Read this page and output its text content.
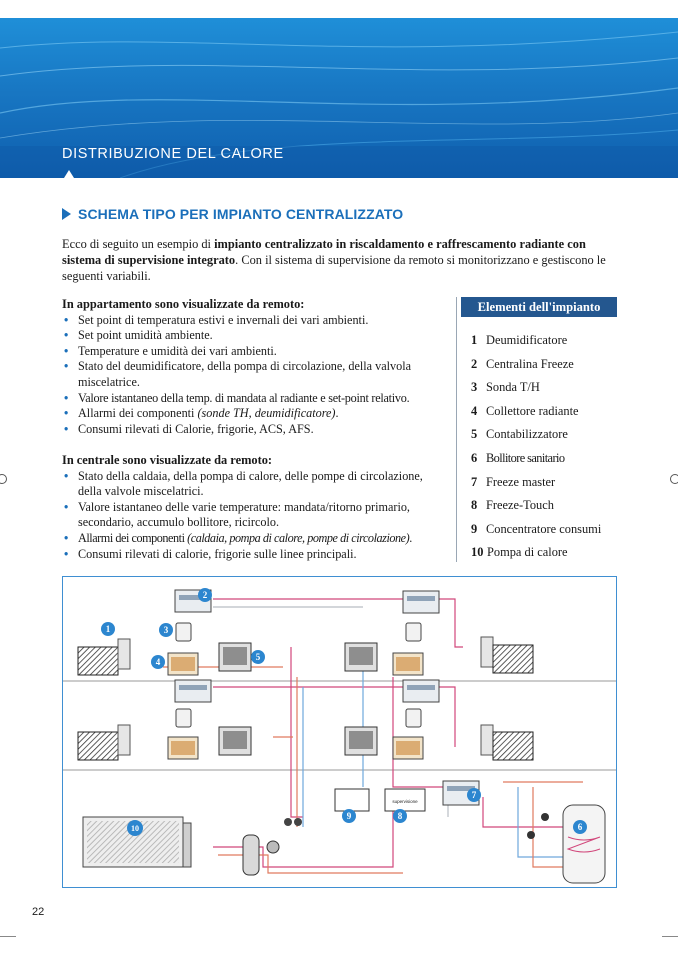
DISTRIBUZIONE DEL CALORE
SCHEMA TIPO PER IMPIANTO CENTRALIZZATO
Ecco di seguito un esempio di impianto centralizzato in riscaldamento e raffrescamento radiante con sistema di supervisione integrato. Con il sistema di supervisione da remoto si monitorizzano e gestiscono le seguenti variabili.
In appartamento sono visualizzate da remoto:
• Set point di temperatura estivi e invernali dei vari ambienti.
• Set point umidità ambiente.
• Temperature e umidità dei vari ambienti.
• Stato del deumidificatore, della pompa di circolazione, della valvola miscelatrice.
• Valore istantaneo della temp. di mandata al radiante e set-point relativo.
• Allarmi dei componenti (sonde TH, deumidificatore).
• Consumi rilevati di Calorie, frigorie, ACS, AFS.
In centrale sono visualizzate da remoto:
• Stato della caldaia, della pompa di calore, delle pompe di circolazione, della valvole miscelatrici.
• Valore istantaneo delle varie temperature: mandata/ritorno primario, secondario, accumulo bollitore, ricircolo.
• Allarmi dei componenti (caldaia, pompa di calore, pompe di circolazione).
• Consumi rilevati di calorie, frigorie sulle linee principali.
Elementi dell'impianto
1 Deumidificatore
2 Centralina Freeze
3 Sonda T/H
4 Collettore radiante
5 Contabilizzatore
6 Bollitore sanitario
7 Freeze master
8 Freeze-Touch
9 Concentratore consumi
10 Pompa di calore
supervisione
1
2
3
4	5
6
7
8
9
10
22
